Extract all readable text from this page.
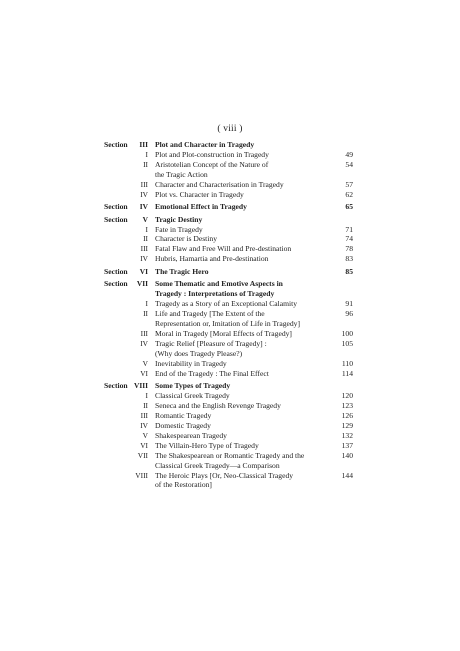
( viii )
Section	III Plot and Character in Tragedy
I Plot and Plot-construction in Tragedy	49
II Aristotelian Concept of the Nature of	54
the Tragic Action
III Character and Characterisation in Tragedy	57
IV Plot vs. Character in Tragedy	62
Section	IV Emotional Effect in Tragedy	65
Section	V Tragic Destiny
I Fate in Tragedy	71
II Character is Destiny	74
III Fatal Flaw and Free Will and Pre-destination	78
IV Hubris, Hamartia and Pre-destination	83
Section	VI The Tragic Hero	85
Section	VII Some Thematic and Emotive Aspects in
Tragedy : Interpretations of Tragedy
I Tragedy as a Story of an Exceptional Calamity	91
II Life and Tragedy [The Extent of the	96
Representation or, Imitation of Life in Tragedy]
III Moral in Tragedy [Moral Effects of Tragedy]	100
IV Tragic Relief [Pleasure of Tragedy] :	105
(Why does Tragedy Please?)
V Inevitability in Tragedy	110
VI End of the Tragedy : The Final Effect	114
Section VIII Some Types of Tragedy
I Classical Greek Tragedy	120
II Seneca and the English Revenge Tragedy	123
III Romantic Tragedy	126
IV Domestic Tragedy	129
V Shakespearean Tragedy	132
VI The Villain-Hero Type of Tragedy	137
VII The Shakespearean or Romantic Tragedy and the	140
Classical Greek Tragedy—a Comparison
VIII The Heroic Plays [Or, Neo-Classical Tragedy	144
of the Restoration]
